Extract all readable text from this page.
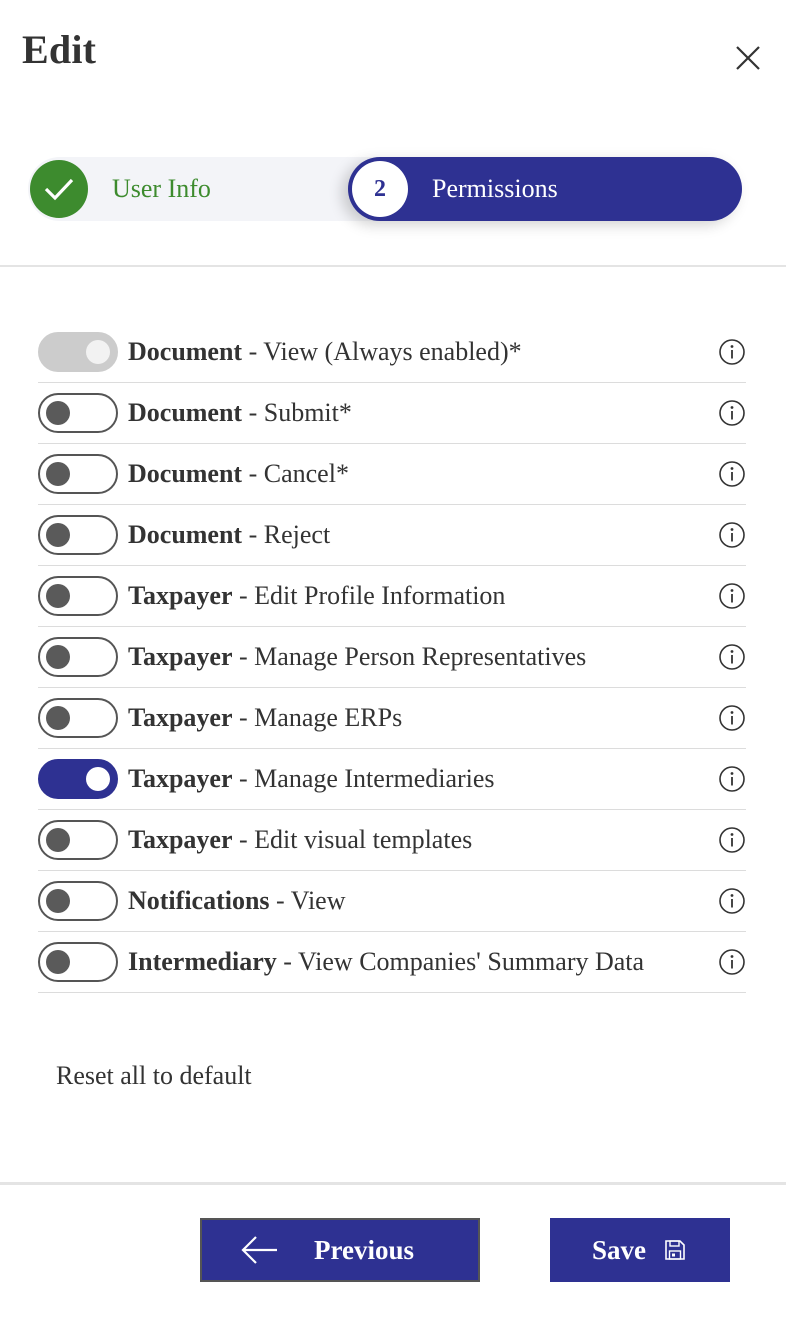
Edit
User Info	2	Permissions
Document - View (Always enabled)*
Document - Submit*
Document - Cancel*
Document - Reject
Taxpayer - Edit Profile Information
Taxpayer - Manage Person Representatives
Taxpayer - Manage ERPs
Taxpayer - Manage Intermediaries
Taxpayer - Edit visual templates
Notifications - View
Intermediary - View Companies' Summary Data
Reset all to default
Previous	Save
